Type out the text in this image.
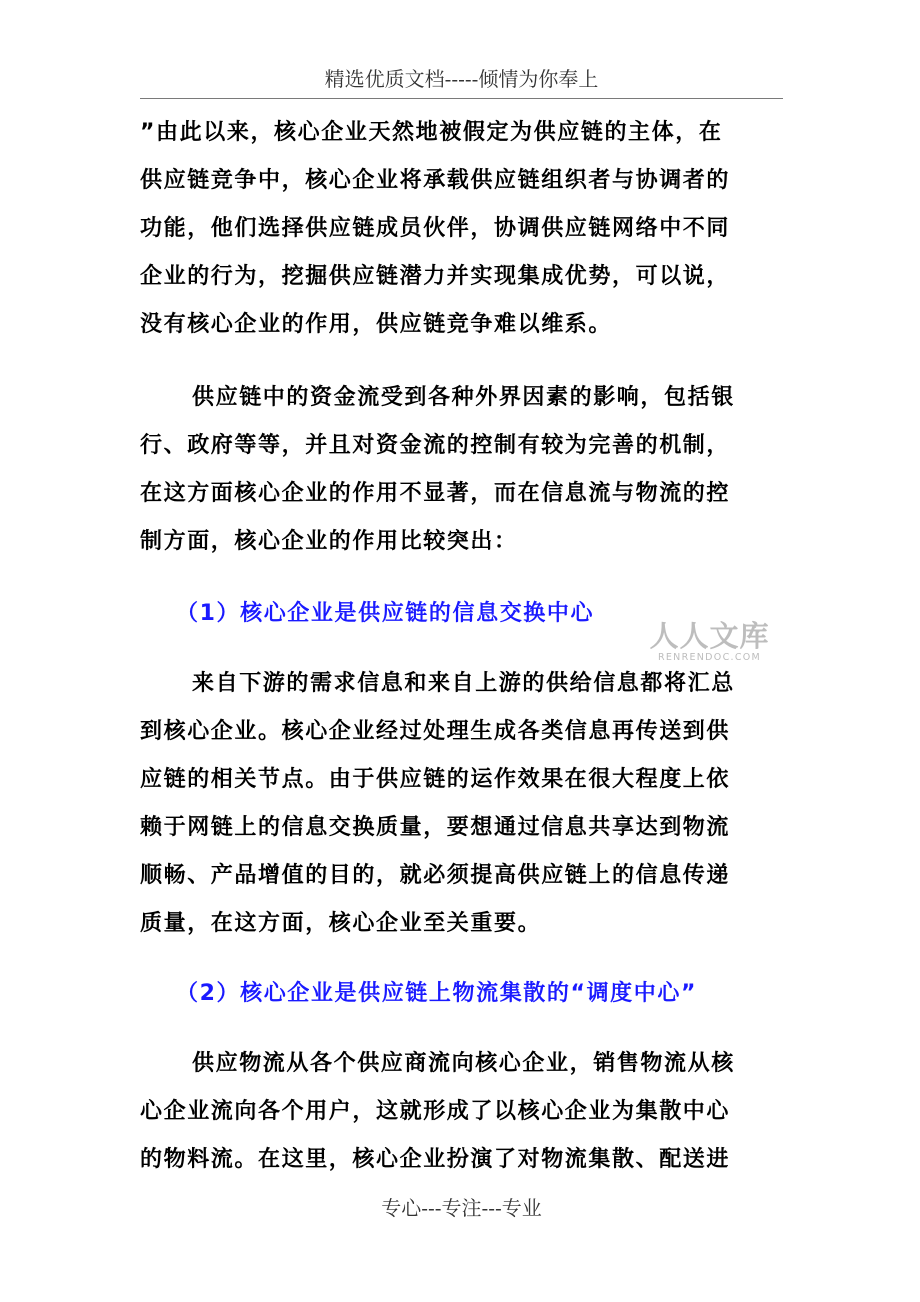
精选优质文档-----倾情为你奉上
”由此以来，核心企业天然地被假定为供应链的主体，在
供应链竞争中，核心企业将承载供应链组织者与协调者的
功能，他们选择供应链成员伙伴，协调供应链网络中不同
企业的行为，挖掘供应链潜力并实现集成优势，可以说，
没有核心企业的作用，供应链竞争难以维系。
供应链中的资金流受到各种外界因素的影响，包括银
行、政府等等，并且对资金流的控制有较为完善的机制，
在这方面核心企业的作用不显著，而在信息流与物流的控
制方面，核心企业的作用比较突出：
（1）核心企业是供应链的信息交换中心
来自下游的需求信息和来自上游的供给信息都将汇总
到核心企业。核心企业经过处理生成各类信息再传送到供
应链的相关节点。由于供应链的运作效果在很大程度上依
赖于网链上的信息交换质量，要想通过信息共享达到物流
顺畅、产品增值的目的，就必须提高供应链上的信息传递
质量，在这方面，核心企业至关重要。
（2）核心企业是供应链上物流集散的“调度中心”
供应物流从各个供应商流向核心企业，销售物流从核
心企业流向各个用户，这就形成了以核心企业为集散中心
的物料流。在这里，核心企业扮演了对物流集散、配送进
专心---专注---专业
人人文库
RENRENDOC.COM
